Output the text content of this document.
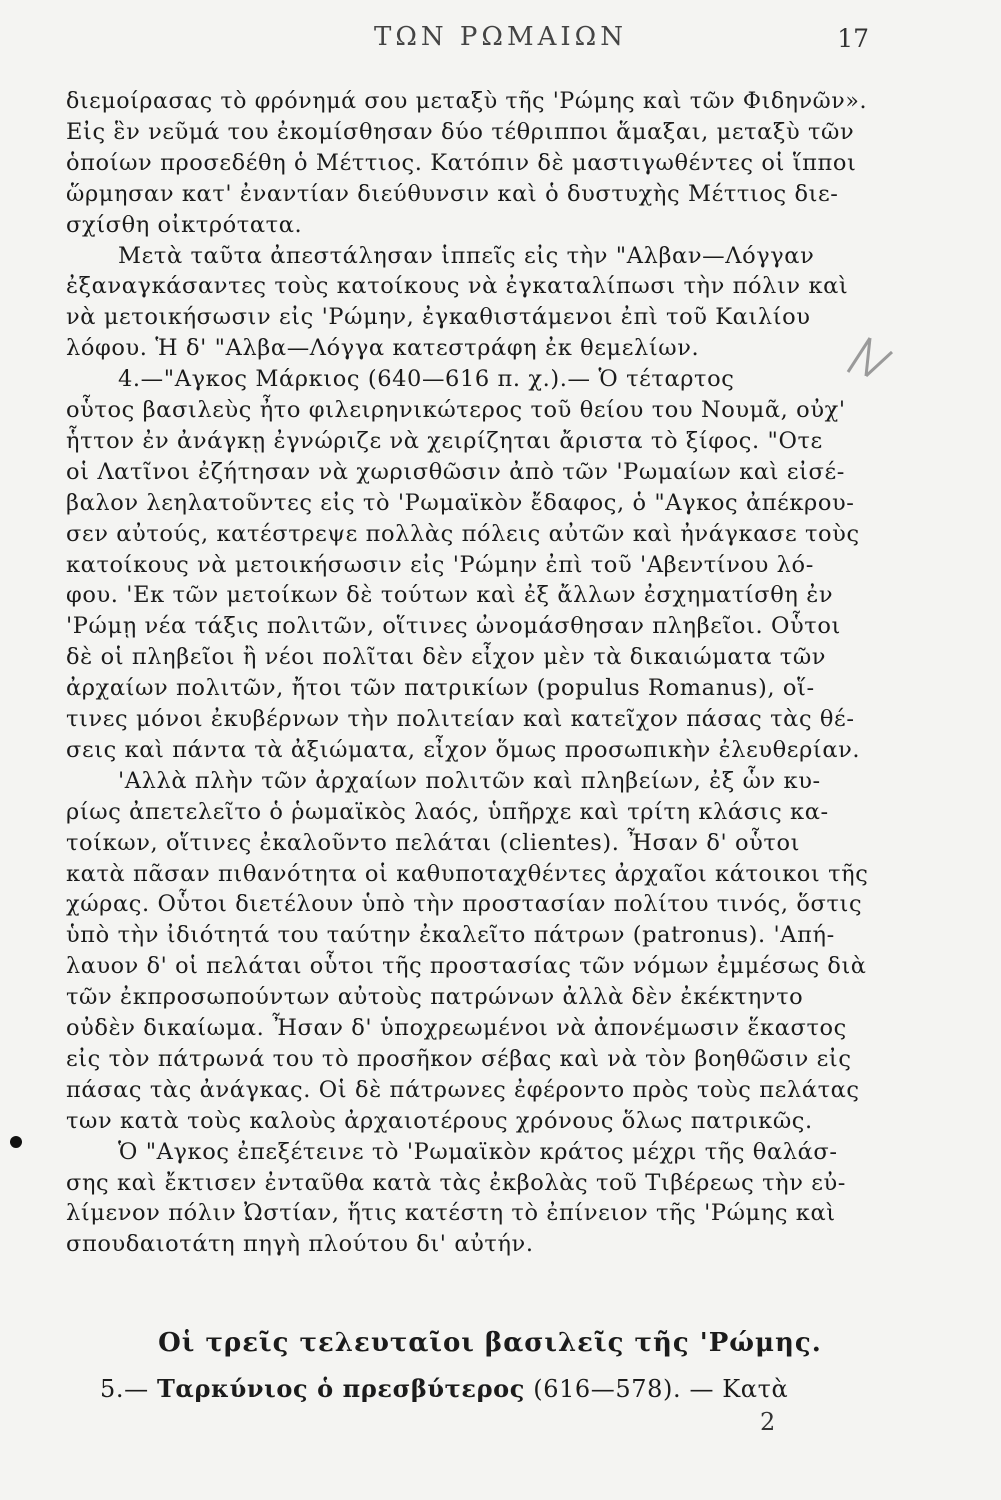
ΤΩΝ ΡΩΜΑΙΩΝ	17
διεμοίρασας τὸ φρόνημά σου μεταξὺ τῆς 'Ρώμης καὶ τῶν Φιδηνῶν».
Εἰς ἓν νεῦμά του ἐκομίσθησαν δύο τέθριπποι ἅμαξαι, μεταξὺ τῶν
ὁποίων προσεδέθη ὁ Μέττιος. Κατόπιν δὲ μαστιγωθέντες οἱ ἵπποι
ὥρμησαν κατ' ἐναντίαν διεύθυνσιν καὶ ὁ δυστυχὴς Μέττιος διε-
σχίσθη οἰκτρότατα.
Μετὰ ταῦτα ἀπεστάλησαν ἱππεῖς εἰς τὴν "Αλβαν—Λόγγαν
ἐξαναγκάσαντες τοὺς κατοίκους νὰ ἐγκαταλίπωσι τὴν πόλιν καὶ
νὰ μετοικήσωσιν εἰς 'Ρώμην, ἐγκαθιστάμενοι ἐπὶ τοῦ Καιλίου
λόφου. Ἡ δ' "Αλβα—Λόγγα κατεστράφη ἐκ θεμελίων.
4.—"Αγκος Μάρκιος (640—616 π. χ.).— Ὁ τέταρτος
οὗτος βασιλεὺς ἦτο φιλειρηνικώτερος τοῦ θείου του Νουμᾶ, οὐχ'
ἧττον ἐν ἀνάγκῃ ἐγνώριζε νὰ χειρίζηται ἄριστα τὸ ξίφος. "Οτε
οἱ Λατῖνοι ἐζήτησαν νὰ χωρισθῶσιν ἀπὸ τῶν 'Ρωμαίων καὶ εἰσέ-
βαλον λεηλατοῦντες εἰς τὸ 'Ρωμαϊκὸν ἔδαφος, ὁ "Αγκος ἀπέκρου-
σεν αὐτούς, κατέστρεψε πολλὰς πόλεις αὐτῶν καὶ ἠνάγκασε τοὺς
κατοίκους νὰ μετοικήσωσιν εἰς 'Ρώμην ἐπὶ τοῦ 'Αβεντίνου λό-
φου. 'Εκ τῶν μετοίκων δὲ τούτων καὶ ἐξ ἄλλων ἐσχηματίσθη ἐν
'Ρώμῃ νέα τάξις πολιτῶν, οἵτινες ὠνομάσθησαν πληβεῖοι. Οὗτοι
δὲ οἱ πληβεῖοι ἢ νέοι πολῖται δὲν εἶχον μὲν τὰ δικαιώματα τῶν
ἀρχαίων πολιτῶν, ἤτοι τῶν πατρικίων (populus Romanus), οἵ-
τινες μόνοι ἐκυβέρνων τὴν πολιτείαν καὶ κατεῖχον πάσας τὰς θέ-
σεις καὶ πάντα τὰ ἀξιώματα, εἶχον ὅμως προσωπικὴν ἐλευθερίαν.
'Αλλὰ πλὴν τῶν ἀρχαίων πολιτῶν καὶ πληβείων, ἐξ ὧν κυ-
ρίως ἀπετελεῖτο ὁ ῥωμαϊκὸς λαός, ὑπῆρχε καὶ τρίτη κλάσις κα-
τοίκων, οἵτινες ἐκαλοῦντο πελάται (clientes). Ἦσαν δ' οὗτοι
κατὰ πᾶσαν πιθανότητα οἱ καθυποταχθέντες ἀρχαῖοι κάτοικοι τῆς
χώρας. Οὗτοι διετέλουν ὑπὸ τὴν προστασίαν πολίτου τινός, ὅστις
ὑπὸ τὴν ἰδιότητά του ταύτην ἐκαλεῖτο πάτρων (patronus). 'Απή-
λαυον δ' οἱ πελάται οὗτοι τῆς προστασίας τῶν νόμων ἐμμέσως διὰ
τῶν ἐκπροσωπούντων αὐτοὺς πατρώνων ἀλλὰ δὲν ἐκέκτηντο
οὐδὲν δικαίωμα. Ἦσαν δ' ὑποχρεωμένοι νὰ ἀπονέμωσιν ἕκαστος
εἰς τὸν πάτρωνά του τὸ προσῆκον σέβας καὶ νὰ τὸν βοηθῶσιν εἰς
πάσας τὰς ἀνάγκας. Οἱ δὲ πάτρωνες ἐφέροντο πρὸς τοὺς πελάτας
των κατὰ τοὺς καλοὺς ἀρχαιοτέρους χρόνους ὅλως πατρικῶς.
Ὁ "Αγκος ἐπεξέτεινε τὸ 'Ρωμαϊκὸν κράτος μέχρι τῆς θαλάσ-
σης καὶ ἔκτισεν ἐνταῦθα κατὰ τὰς ἐκβολὰς τοῦ Τιβέρεως τὴν εὐ-
λίμενον πόλιν Ὠστίαν, ἥτις κατέστη τὸ ἐπίνειον τῆς 'Ρώμης καὶ
σπουδαιοτάτη πηγὴ πλούτου δι' αὐτήν.
Οἱ τρεῖς τελευταῖοι βασιλεῖς τῆς 'Ρώμης.
5.— Ταρκύνιος ὁ πρεσβύτερος (616—578). — Κατὰ
2
